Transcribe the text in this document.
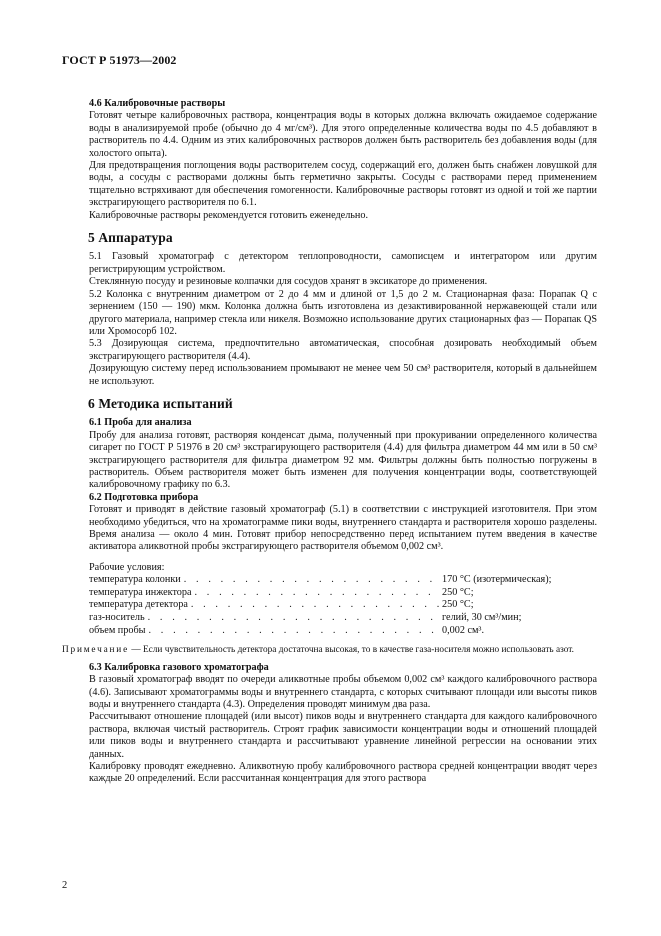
ГОСТ Р 51973—2002
4.6 Калибровочные растворы

Готовят четыре калибровочных раствора, концентрация воды в которых должна включать ожидаемое содержание воды в анализируемой пробе (обычно до 4 мг/см³). Для этого определенные количества воды по 4.5 добавляют в растворитель по 4.4. Одним из этих калибровочных растворов должен быть растворитель без добавления воды (для холостого опыта).

Для предотвращения поглощения воды растворителем сосуд, содержащий его, должен быть снабжен ловушкой для воды, а сосуды с растворами должны быть герметично закрыты. Сосуды с растворами перед применением тщательно встряхивают для обеспечения гомогенности. Калибровочные растворы готовят из одной и той же партии экстрагирующего растворителя по 6.1.

Калибровочные растворы рекомендуется готовить еженедельно.

5 Аппаратура

5.1 Газовый хроматограф с детектором теплопроводности, самописцем и интегратором или другим регистрирующим устройством.

Стеклянную посуду и резиновые колпачки для сосудов хранят в эксикаторе до применения.

5.2 Колонка с внутренним диаметром от 2 до 4 мм и длиной от 1,5 до 2 м. Стационарная фаза: Порапак Q с зернением (150 — 190) мкм. Колонка должна быть изготовлена из дезактивированной нержавеющей стали или другого материала, например стекла или никеля. Возможно использование других стационарных фаз — Порапак QS или Хромосорб 102.

5.3 Дозирующая система, предпочтительно автоматическая, способная дозировать необходимый объем экстрагирующего растворителя (4.4).

Дозирующую систему перед использованием промывают не менее чем 50 см³ растворителя, который в дальнейшем не используют.

6 Методика испытаний
6.1 Проба для анализа

Пробу для анализа готовят, растворяя конденсат дыма, полученный при прокуривании определенного количества сигарет по ГОСТ Р 51976 в 20 см³ экстрагирующего растворителя (4.4) для фильтра диаметром 44 мм или в 50 см³ экстрагирующего растворителя для фильтра диаметром 92 мм. Фильтры должны быть полностью погружены в растворитель. Объем растворителя может быть изменен для получения концентрации воды, соответствующей калибровочному графику по 6.3.

6.2 Подготовка прибора

Готовят и приводят в действие газовый хроматограф (5.1) в соответствии с инструкцией изготовителя. При этом необходимо убедиться, что на хроматограмме пики воды, внутреннего стандарта и растворителя хорошо разделены. Время анализа — около 4 мин. Готовят прибор непосредственно перед испытанием путем введения в качестве активатора аликвотной пробы экстрагирующего растворителя объемом 0,002 см³.

Рабочие условия:
температура колонки . . .	170 °C (изотермическая);
температура инжектора . . .	250 °C;
температура детектора . . .	250 °C;
газ-носитель . . .	гелий, 30 см³/мин;
объем пробы . . .	0,002 см³.
Примечание — Если чувствительность детектора достаточна высокая, то в качестве газа-носителя можно использовать азот.
6.3 Калибровка газового хроматографа

В газовый хроматограф вводят по очереди аликвотные пробы объемом 0,002 см³ каждого калибровочного раствора (4.6). Записывают хроматограммы воды и внутреннего стандарта, с которых считывают площади или высоты пиков воды и внутреннего стандарта (4.3). Определения проводят минимум два раза.

Рассчитывают отношение площадей (или высот) пиков воды и внутреннего стандарта для каждого калибровочного раствора, включая чистый растворитель. Строят график зависимости концентрации воды и отношений площадей или пиков воды и внутреннего стандарта и рассчитывают уравнение линейной регрессии на основании этих данных.

Калибровку проводят ежедневно. Аликвотную пробу калибровочного раствора средней концентрации вводят через каждые 20 определений. Если рассчитанная концентрация для этого раствора

2
